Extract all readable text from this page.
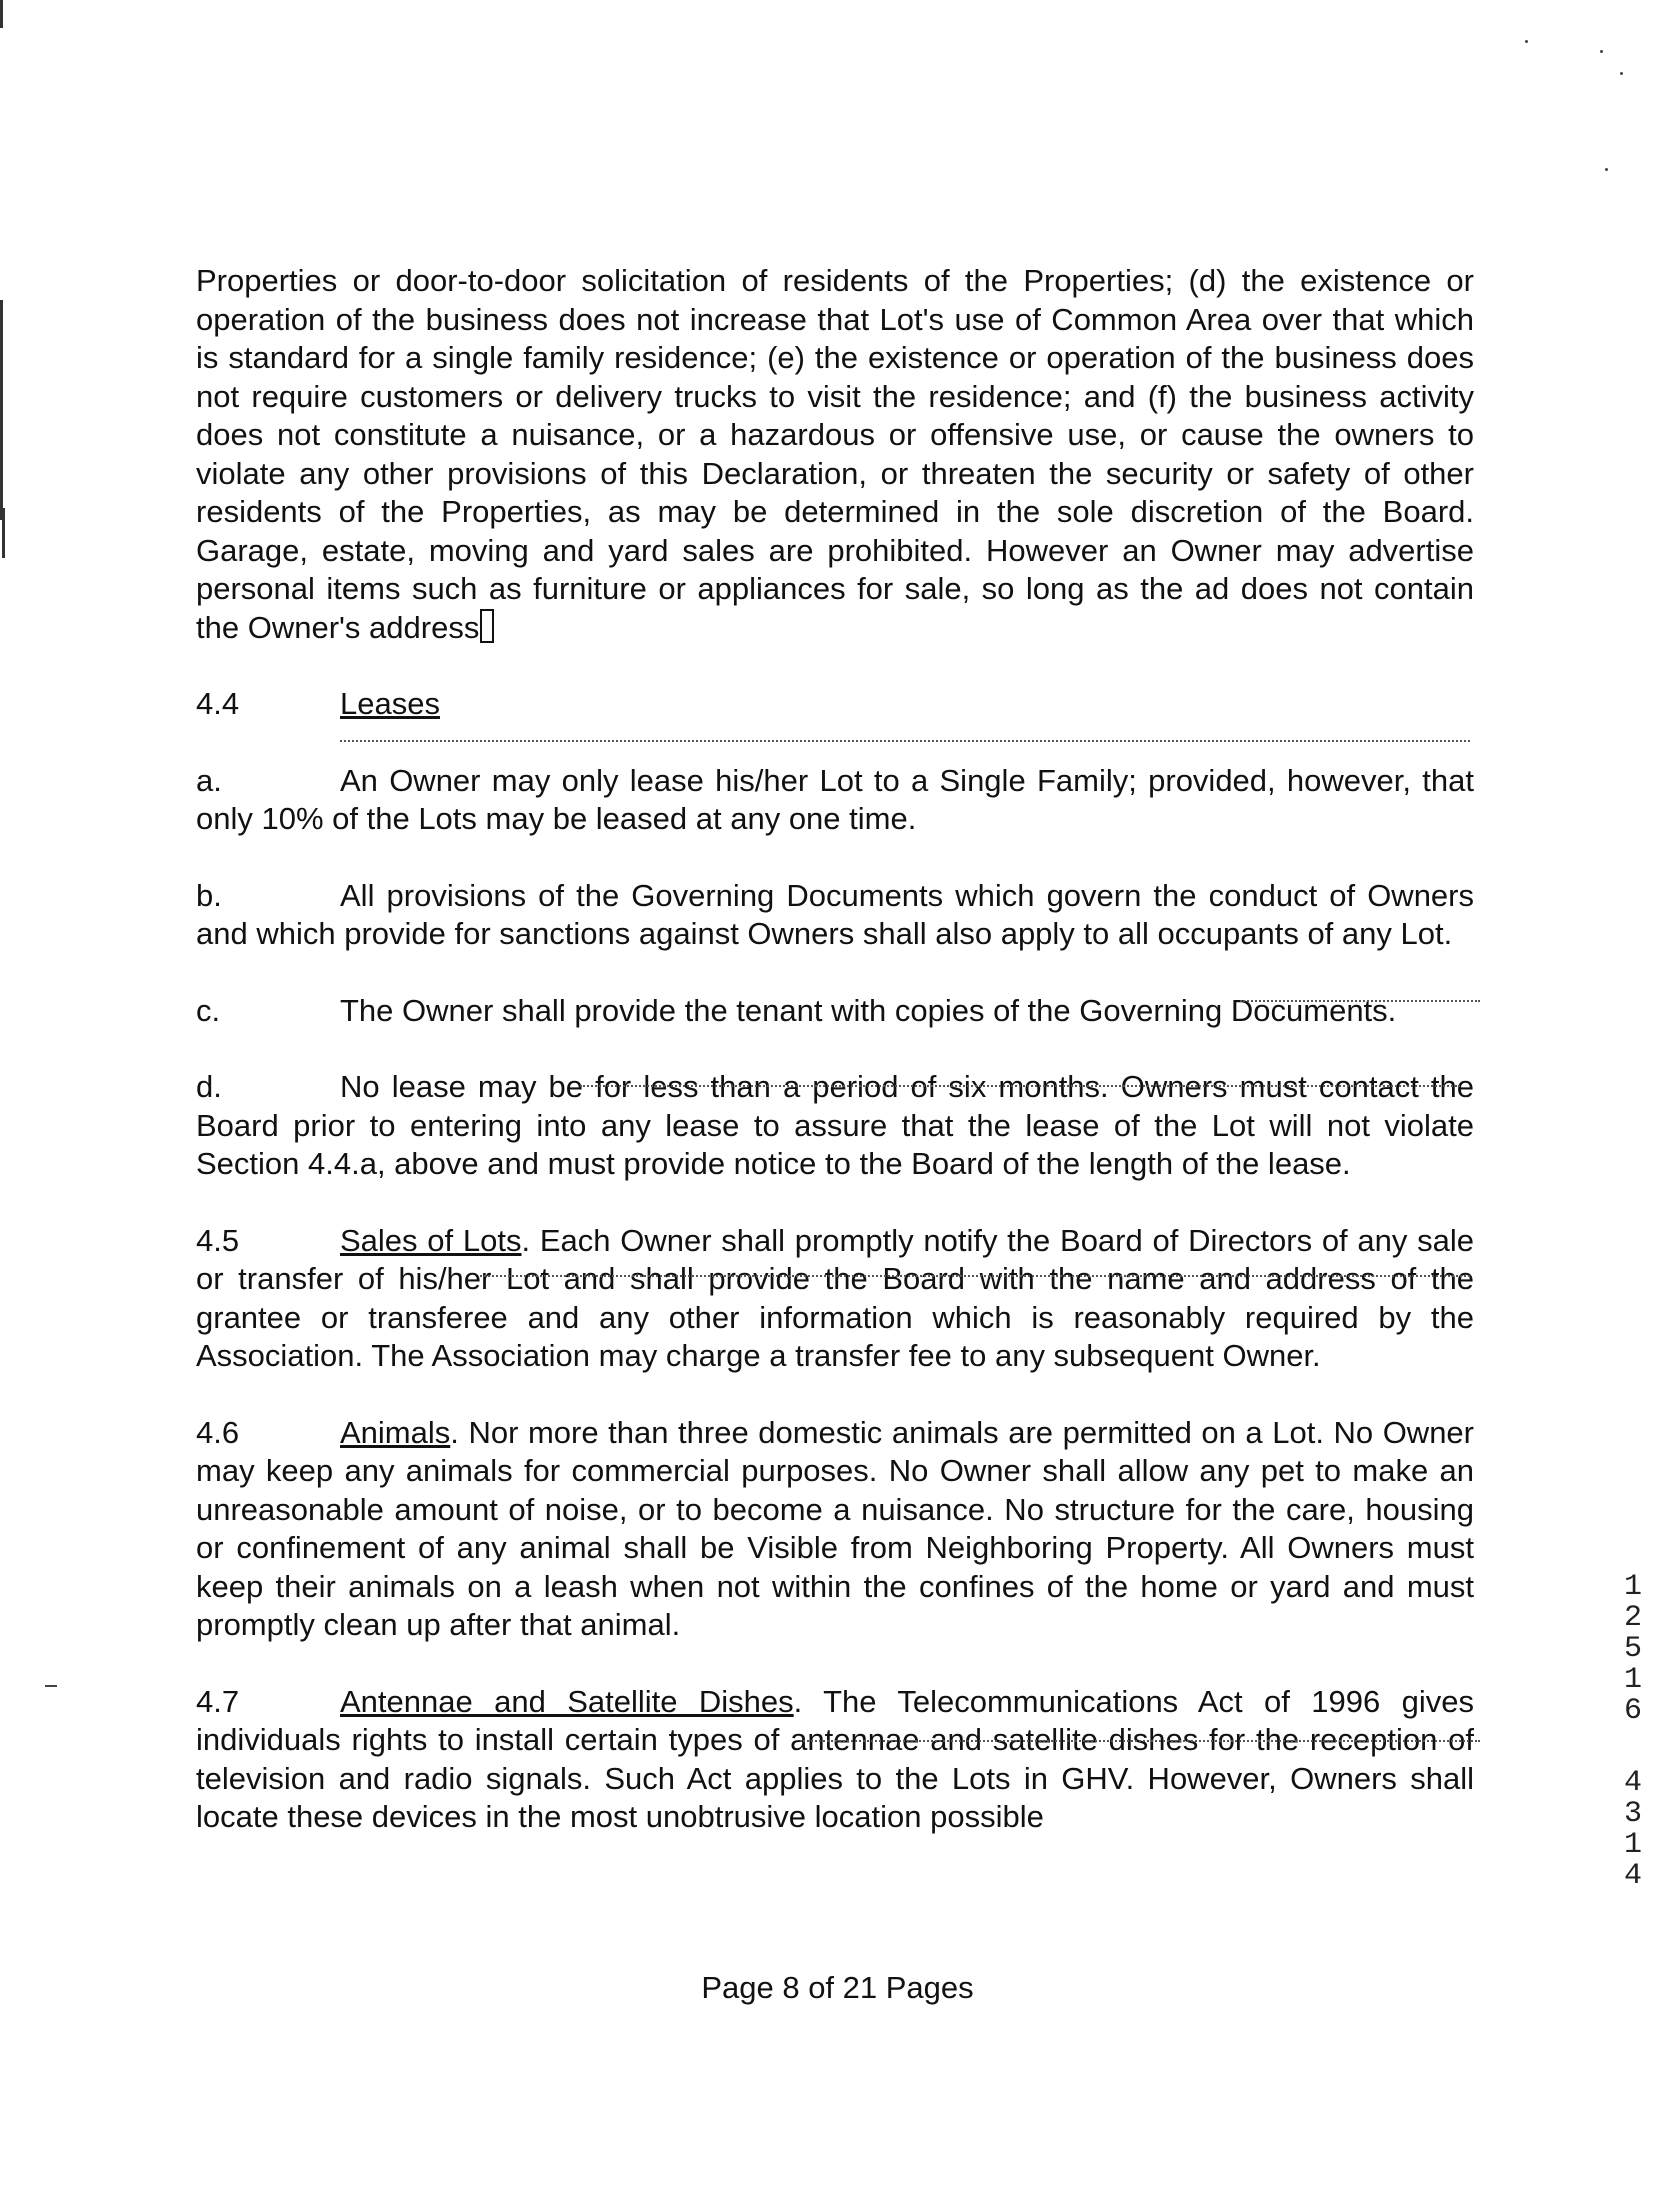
Properties or door-to-door solicitation of residents of the Properties; (d) the existence or operation of the business does not increase that Lot's use of Common Area over that which is standard for a single family residence; (e) the existence or operation of the business does not require customers or delivery trucks to visit the residence; and (f) the business activity does not constitute a nuisance, or a hazardous or offensive use, or cause the owners to violate any other provisions of this Declaration, or threaten the security or safety of other residents of the Properties, as may be determined in the sole discretion of the Board. Garage, estate, moving and yard sales are prohibited. However an Owner may advertise personal items such as furniture or appliances for sale, so long as the ad does not contain the Owner's address

4.4	Leases

a.	An Owner may only lease his/her Lot to a Single Family; provided, however, that only 10% of the Lots may be leased at any one time.

b.	All provisions of the Governing Documents which govern the conduct of Owners and which provide for sanctions against Owners shall also apply to all occupants of any Lot.

c.	The Owner shall provide the tenant with copies of the Governing Documents.

d.	No lease may be for less than a period of six months. Owners must contact the Board prior to entering into any lease to assure that the lease of the Lot will not violate Section 4.4.a, above and must provide notice to the Board of the length of the lease.

4.5	Sales of Lots. Each Owner shall promptly notify the Board of Directors of any sale or transfer of his/her Lot and shall provide the Board with the name and address of the grantee or transferee and any other information which is reasonably required by the Association. The Association may charge a transfer fee to any subsequent Owner.

4.6	Animals. Nor more than three domestic animals are permitted on a Lot. No Owner may keep any animals for commercial purposes. No Owner shall allow any pet to make an unreasonable amount of noise, or to become a nuisance. No structure for the care, housing or confinement of any animal shall be Visible from Neighboring Property. All Owners must keep their animals on a leash when not within the confines of the home or yard and must promptly clean up after that animal.

4.7	Antennae and Satellite Dishes. The Telecommunications Act of 1996 gives individuals rights to install certain types of antennae and satellite dishes for the reception of television and radio signals. Such Act applies to the Lots in GHV. However, Owners shall locate these devices in the most unobtrusive location possible

1
2
5
1
6
4
3
1
4
Page 8 of 21 Pages
